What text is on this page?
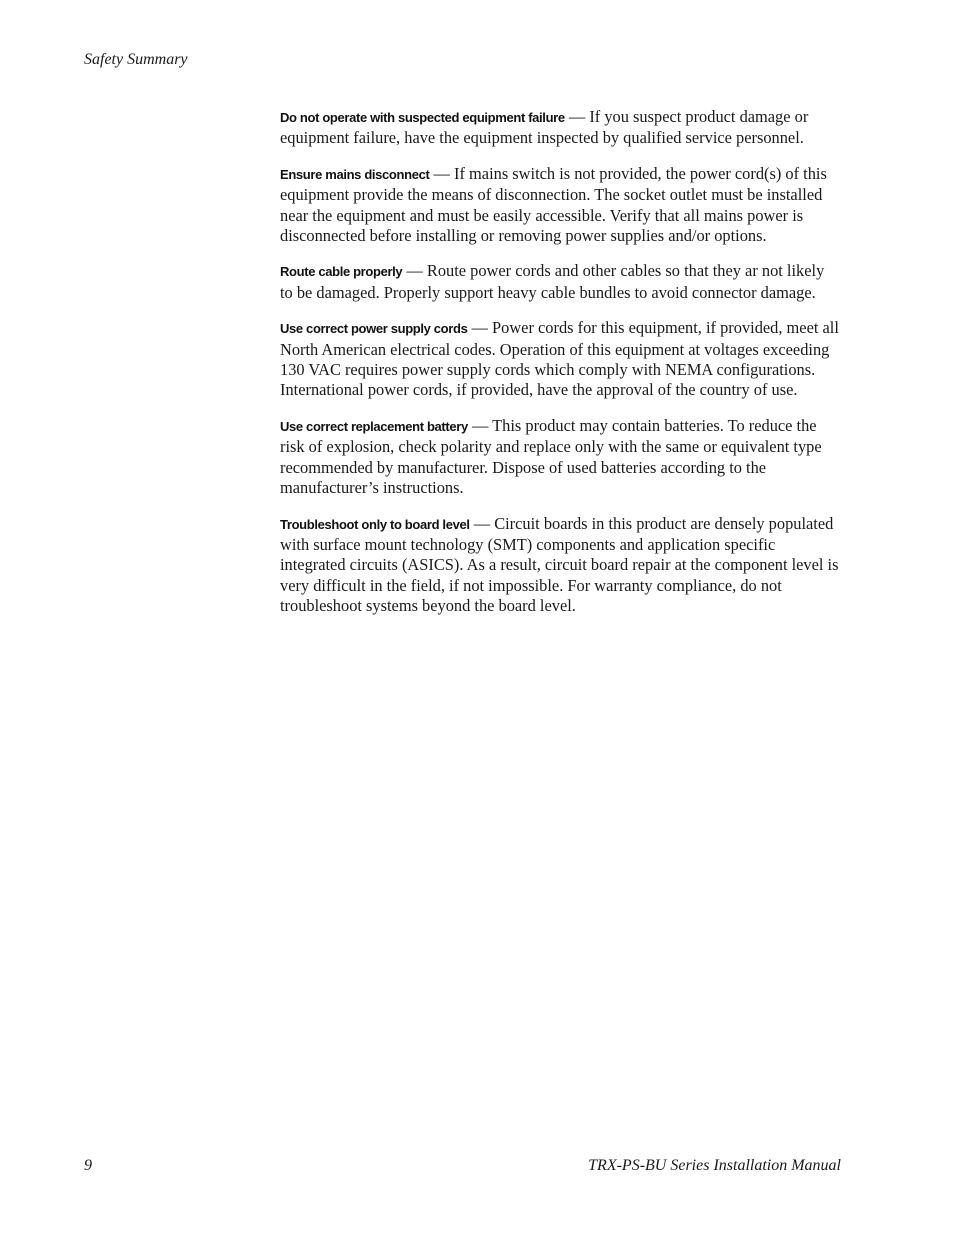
Safety Summary

Do not operate with suspected equipment failure — If you suspect product damage or equipment failure, have the equipment inspected by qualified service personnel.

Ensure mains disconnect — If mains switch is not provided, the power cord(s) of this equipment provide the means of disconnection. The socket outlet must be installed near the equipment and must be easily accessible. Verify that all mains power is disconnected before installing or removing power supplies and/or options.

Route cable properly — Route power cords and other cables so that they ar not likely to be damaged. Properly support heavy cable bundles to avoid connector damage.

Use correct power supply cords — Power cords for this equipment, if provided, meet all North American electrical codes. Operation of this equipment at voltages exceeding 130 VAC requires power supply cords which comply with NEMA configurations. International power cords, if provided, have the approval of the country of use.

Use correct replacement battery — This product may contain batteries. To reduce the risk of explosion, check polarity and replace only with the same or equivalent type recommended by manufacturer. Dispose of used batteries according to the manufacturer’s instructions.

Troubleshoot only to board level — Circuit boards in this product are densely populated with surface mount technology (SMT) components and application specific integrated circuits (ASICS). As a result, circuit board repair at the component level is very difficult in the field, if not impossible. For warranty compliance, do not troubleshoot systems beyond the board level.

9	TRX-PS-BU Series Installation Manual
